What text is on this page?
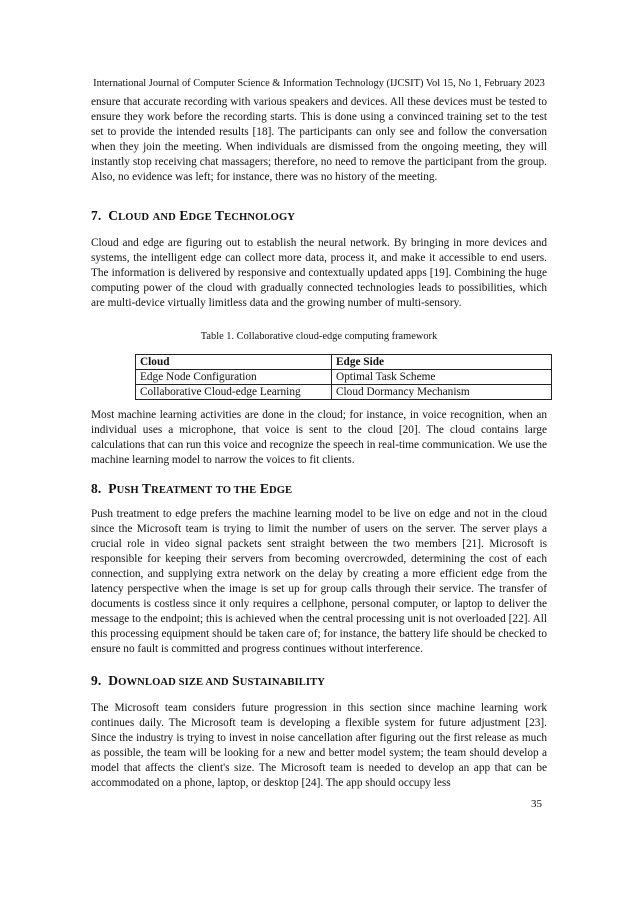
International Journal of Computer Science & Information Technology (IJCSIT) Vol 15, No 1, February 2023

ensure that accurate recording with various speakers and devices. All these devices must be tested to ensure they work before the recording starts. This is done using a convinced training set to the test set to provide the intended results [18]. The participants can only see and follow the conversation when they join the meeting. When individuals are dismissed from the ongoing meeting, they will instantly stop receiving chat massagers; therefore, no need to remove the participant from the group. Also, no evidence was left; for instance, there was no history of the meeting.

7. CLOUD AND EDGE TECHNOLOGY

Cloud and edge are figuring out to establish the neural network. By bringing in more devices and systems, the intelligent edge can collect more data, process it, and make it accessible to end users. The information is delivered by responsive and contextually updated apps [19]. Combining the huge computing power of the cloud with gradually connected technologies leads to possibilities, which are multi-device virtually limitless data and the growing number of multi-sensory.

Table 1. Collaborative cloud-edge computing framework
Cloud	Edge Side
Edge Node Configuration	Optimal Task Scheme
Collaborative Cloud-edge Learning	Cloud Dormancy Mechanism

Most machine learning activities are done in the cloud; for instance, in voice recognition, when an individual uses a microphone, that voice is sent to the cloud [20]. The cloud contains large calculations that can run this voice and recognize the speech in real-time communication. We use the machine learning model to narrow the voices to fit clients.

8. PUSH TREATMENT TO THE EDGE

Push treatment to edge prefers the machine learning model to be live on edge and not in the cloud since the Microsoft team is trying to limit the number of users on the server. The server plays a crucial role in video signal packets sent straight between the two members [21]. Microsoft is responsible for keeping their servers from becoming overcrowded, determining the cost of each connection, and supplying extra network on the delay by creating a more efficient edge from the latency perspective when the image is set up for group calls through their service. The transfer of documents is costless since it only requires a cellphone, personal computer, or laptop to deliver the message to the endpoint; this is achieved when the central processing unit is not overloaded [22]. All this processing equipment should be taken care of; for instance, the battery life should be checked to ensure no fault is committed and progress continues without interference.

9. DOWNLOAD SIZE AND SUSTAINABILITY

The Microsoft team considers future progression in this section since machine learning work continues daily. The Microsoft team is developing a flexible system for future adjustment [23]. Since the industry is trying to invest in noise cancellation after figuring out the first release as much as possible, the team will be looking for a new and better model system; the team should develop a model that affects the client's size. The Microsoft team is needed to develop an app that can be accommodated on a phone, laptop, or desktop [24]. The app should occupy less

35
